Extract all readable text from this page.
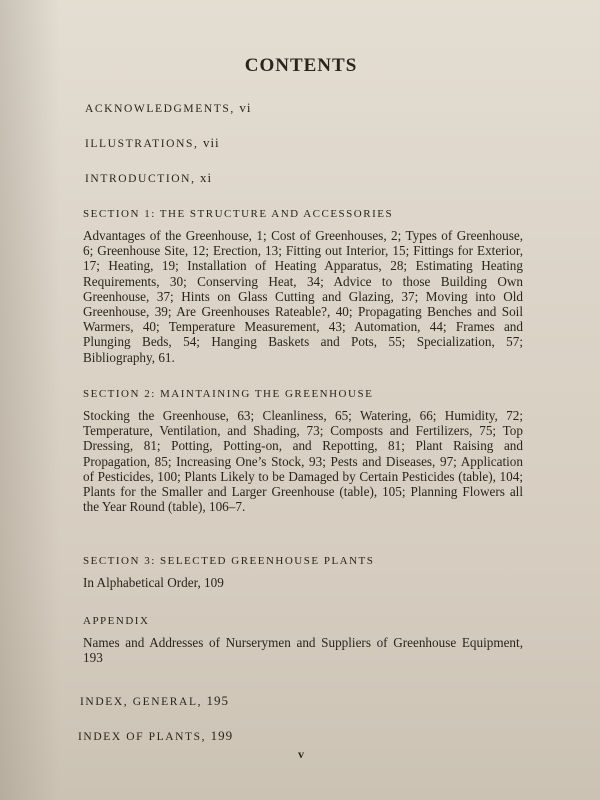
CONTENTS

ACKNOWLEDGMENTS, vi

ILLUSTRATIONS, vii

INTRODUCTION, xi

SECTION 1: THE STRUCTURE AND ACCESSORIES

Advantages of the Greenhouse, 1; Cost of Greenhouses, 2; Types of Greenhouse, 6; Greenhouse Site, 12; Erection, 13; Fitting out Interior, 15; Fittings for Exterior, 17; Heating, 19; Installation of Heating Apparatus, 28; Estimating Heating Requirements, 30; Conserving Heat, 34; Advice to those Building Own Greenhouse, 37; Hints on Glass Cutting and Glazing, 37; Moving into Old Greenhouse, 39; Are Greenhouses Rateable?, 40; Propagating Benches and Soil Warmers, 40; Temperature Measurement, 43; Automation, 44; Frames and Plunging Beds, 54; Hanging Baskets and Pots, 55; Specialization, 57; Bibliography, 61.

SECTION 2: MAINTAINING THE GREENHOUSE

Stocking the Greenhouse, 63; Cleanliness, 65; Watering, 66; Humidity, 72; Temperature, Ventilation, and Shading, 73; Composts and Fertilizers, 75; Top Dressing, 81; Potting, Potting-on, and Repotting, 81; Plant Raising and Propagation, 85; Increasing One’s Stock, 93; Pests and Diseases, 97; Application of Pesticides, 100; Plants Likely to be Damaged by Certain Pesticides (table), 104; Plants for the Smaller and Larger Greenhouse (table), 105; Planning Flowers all the Year Round (table), 106–7.

SECTION 3: SELECTED GREENHOUSE PLANTS

In Alphabetical Order, 109

APPENDIX

Names and Addresses of Nurserymen and Suppliers of Greenhouse Equipment, 193

INDEX, GENERAL, 195

INDEX OF PLANTS, 199

v
